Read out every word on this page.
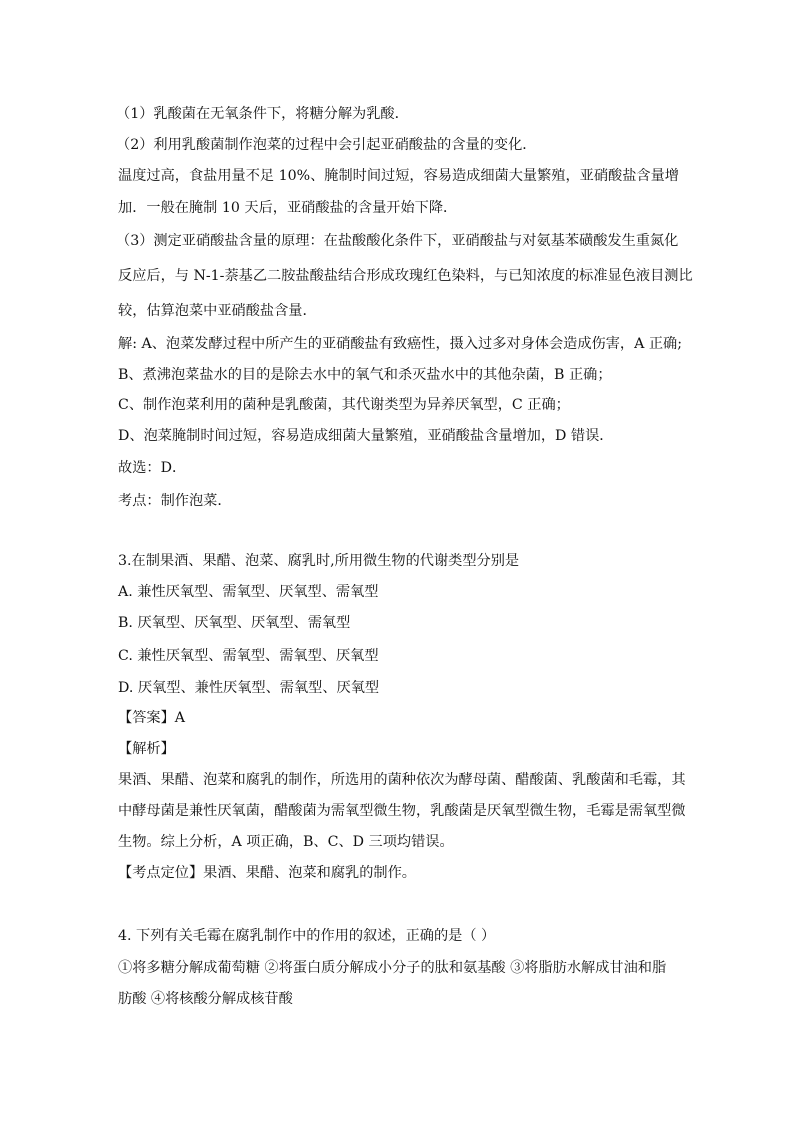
（1）乳酸菌在无氧条件下，将糖分解为乳酸．
（2）利用乳酸菌制作泡菜的过程中会引起亚硝酸盐的含量的变化．
温度过高，食盐用量不足 10%、腌制时间过短，容易造成细菌大量繁殖，亚硝酸盐含量增
加．一般在腌制 10 天后，亚硝酸盐的含量开始下降．
（3）测定亚硝酸盐含量的原理：在盐酸酸化条件下，亚硝酸盐与对氨基苯磺酸发生重氮化
反应后，与 N-1-萘基乙二胺盐酸盐结合形成玫瑰红色染料，与已知浓度的标准显色液目测比
较，估算泡菜中亚硝酸盐含量．
解: A、泡菜发酵过程中所产生的亚硝酸盐有致癌性，摄入过多对身体会造成伤害，A 正确;
B、煮沸泡菜盐水的目的是除去水中的氧气和杀灭盐水中的其他杂菌，B 正确；
C、制作泡菜利用的菌种是乳酸菌，其代谢类型为异养厌氧型，C 正确；
D、泡菜腌制时间过短，容易造成细菌大量繁殖，亚硝酸盐含量增加，D 错误．
故选：D．
考点：制作泡菜．
3.在制果酒、果醋、泡菜、腐乳时,所用微生物的代谢类型分别是
A. 兼性厌氧型、需氧型、厌氧型、需氧型
B. 厌氧型、厌氧型、厌氧型、需氧型
C. 兼性厌氧型、需氧型、需氧型、厌氧型
D. 厌氧型、兼性厌氧型、需氧型、厌氧型
【答案】A
【解析】
果酒、果醋、泡菜和腐乳的制作，所选用的菌种依次为酵母菌、醋酸菌、乳酸菌和毛霉，其
中酵母菌是兼性厌氧菌，醋酸菌为需氧型微生物，乳酸菌是厌氧型微生物，毛霉是需氧型微
生物。综上分析，A 项正确，B、C、D 三项均错误。
【考点定位】果酒、果醋、泡菜和腐乳的制作。
4. 下列有关毛霉在腐乳制作中的作用的叙述，正确的是（ ）
①将多糖分解成葡萄糖 ②将蛋白质分解成小分子的肽和氨基酸 ③将脂肪水解成甘油和脂
肪酸 ④将核酸分解成核苷酸
